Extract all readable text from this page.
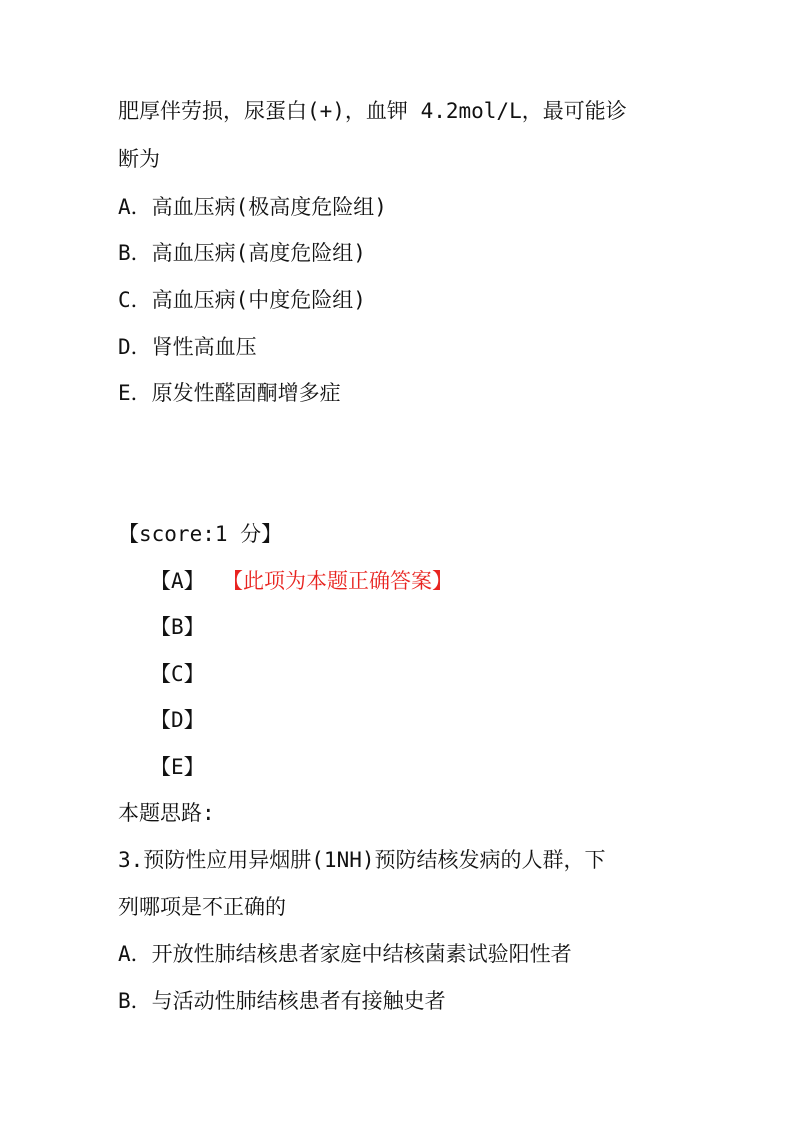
肥厚伴劳损，尿蛋白(+)，血钾 4.2mol/L，最可能诊
断为
A．高血压病(极高度危险组)
B．高血压病(高度危险组)
C．高血压病(中度危险组)
D．肾性高血压
E．原发性醛固酮增多症
【score:1 分】
【A】 【此项为本题正确答案】
【B】
【C】
【D】
【E】
本题思路:
3.预防性应用异烟肼(1NH)预防结核发病的人群，下
列哪项是不正确的
A．开放性肺结核患者家庭中结核菌素试验阳性者
B．与活动性肺结核患者有接触史者
